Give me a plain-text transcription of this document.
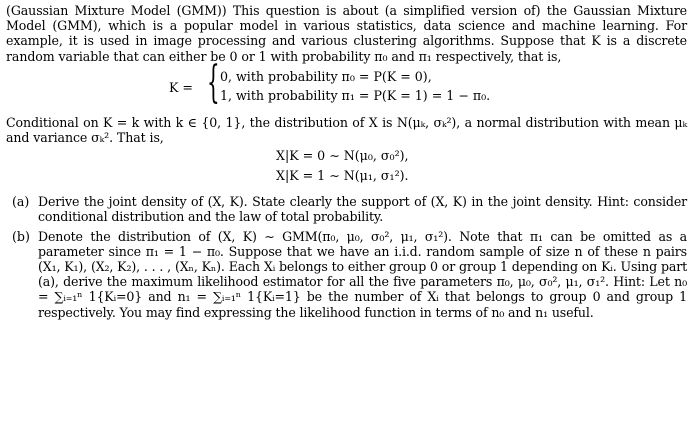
(Gaussian Mixture Model (GMM)) This question is about (a simplified version of) the Gaussian Mixture Model (GMM), which is a popular model in various statistics, data science and machine learning. For example, it is used in image processing and various clustering algorithms. Suppose that K is a discrete random variable that can either be 0 or 1 with probability π₀ and π₁ respectively, that is,

K = { 0, with probability π₀ = P(K = 0),
1, with probability π₁ = P(K = 1) = 1 − π₀.

Conditional on K = k with k ∈ {0, 1}, the distribution of X is N(μₖ, σₖ²), a normal distribution with mean μₖ and variance σₖ². That is,

X|K = 0 ∼ N(μ₀, σ₀²),
X|K = 1 ∼ N(μ₁, σ₁²).
(a) Derive the joint density of (X, K). State clearly the support of (X, K) in the joint density. Hint: consider conditional distribution and the law of total probability.
(b) Denote the distribution of (X, K) ∼ GMM(π₀, μ₀, σ₀², μ₁, σ₁²). Note that π₁ can be omitted as a parameter since π₁ = 1 − π₀. Suppose that we have an i.i.d. random sample of size n of these n pairs (X₁, K₁), (X₂, K₂), . . . , (Xₙ, Kₙ). Each Xᵢ belongs to either group 0 or group 1 depending on Kᵢ. Using part (a), derive the maximum likelihood estimator for all the five parameters π₀, μ₀, σ₀², μ₁, σ₁². Hint: Let n₀ = ∑ᵢ₌₁ⁿ 1{Kᵢ=0} and n₁ = ∑ᵢ₌₁ⁿ 1{Kᵢ=1} be the number of Xᵢ that belongs to group 0 and group 1 respectively. You may find expressing the likelihood function in terms of n₀ and n₁ useful.
